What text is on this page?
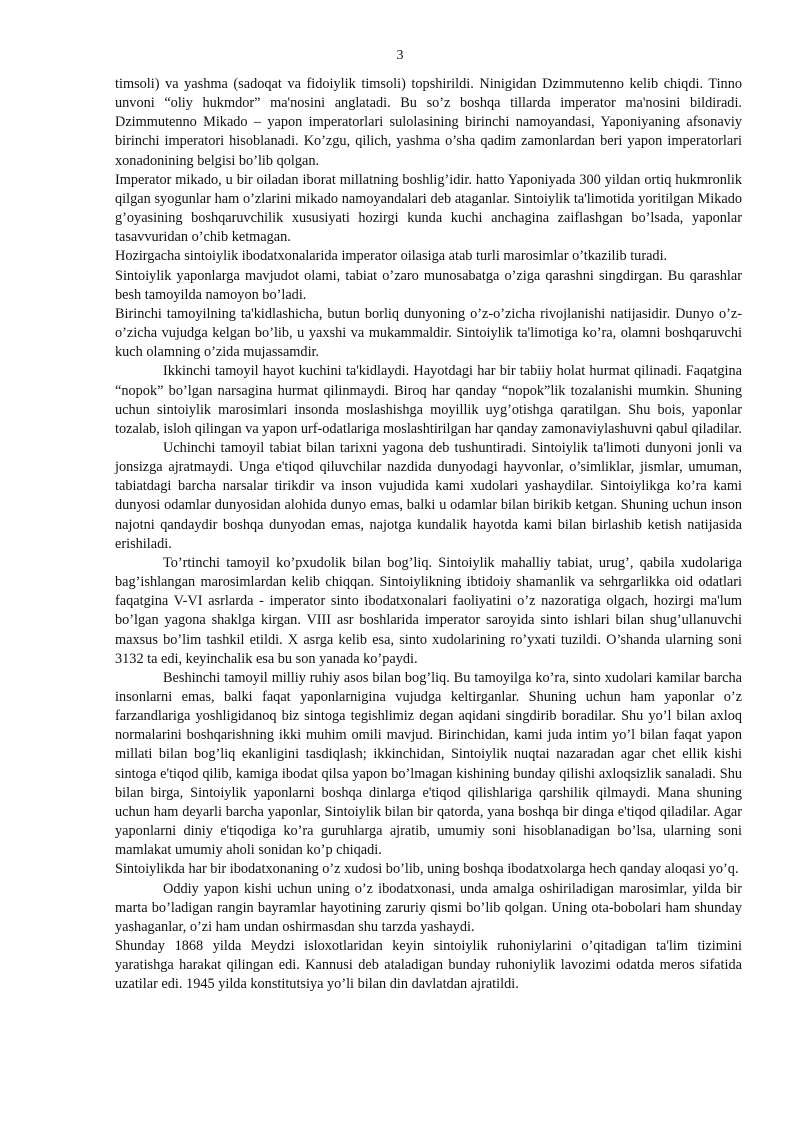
3

timsoli) va yashma (sadoqat va fidoiylik timsoli) topshirildi. Ninigidan Dzimmutenno kelib chiqdi. Tinno unvoni “oliy hukmdor” ma'nosini anglatadi. Bu so’z boshqa tillarda imperator ma'nosini bildiradi. Dzimmutenno Mikado – yapon imperatorlari sulolasining birinchi namoyandasi, Yaponiyaning afsonaviy birinchi imperatori hisoblanadi. Ko’zgu, qilich, yashma o’sha qadim zamonlardan beri yapon imperatorlari xonadonining belgisi bo’lib qolgan.

Imperator mikado, u bir oiladan iborat millatning boshlig’idir. hatto Yaponiyada 300 yildan ortiq hukmronlik qilgan syogunlar ham o’zlarini mikado namoyandalari deb ataganlar. Sintoiylik ta'limotida yoritilgan Mikado g’oyasining boshqaruvchilik xususiyati hozirgi kunda kuchi anchagina zaiflashgan bo’lsada, yaponlar tasavvuridan o’chib ketmagan.

Hozirgacha sintoiylik ibodatxonalarida imperator oilasiga atab turli marosimlar o’tkazilib turadi.

Sintoiylik yaponlarga mavjudot olami, tabiat o’zaro munosabatga o’ziga qarashni singdirgan. Bu qarashlar besh tamoyilda namoyon bo’ladi.

Birinchi tamoyilning ta'kidlashicha, butun borliq dunyoning o’z-o’zicha rivojlanishi natijasidir. Dunyo o’z-o’zicha vujudga kelgan bo’lib, u yaxshi va mukammaldir. Sintoiylik ta'limotiga ko’ra, olamni boshqaruvchi kuch olamning o’zida mujassamdir.

Ikkinchi tamoyil hayot kuchini ta'kidlaydi. Hayotdagi har bir tabiiy holat hurmat qilinadi. Faqatgina “nopok” bo’lgan narsagina hurmat qilinmaydi. Biroq har qanday “nopok”lik tozalanishi mumkin. Shuning uchun sintoiylik marosimlari insonda moslashishga moyillik uyg’otishga qaratilgan. Shu bois, yaponlar tozalab, isloh qilingan va yapon urf-odatlariga moslashtirilgan har qanday zamonaviylashuvni qabul qiladilar.

Uchinchi tamoyil tabiat bilan tarixni yagona deb tushuntiradi. Sintoiylik ta'limoti dunyoni jonli va jonsizga ajratmaydi. Unga e'tiqod qiluvchilar nazdida dunyodagi hayvonlar, o’simliklar, jismlar, umuman, tabiatdagi barcha narsalar tirikdir va inson vujudida kami xudolari yashaydilar. Sintoiylikga ko’ra kami dunyosi odamlar dunyosidan alohida dunyo emas, balki u odamlar bilan birikib ketgan. Shuning uchun inson najotni qandaydir boshqa dunyodan emas, najotga kundalik hayotda kami bilan birlashib ketish natijasida erishiladi.

To’rtinchi tamoyil ko’pxudolik bilan bog’liq. Sintoiylik mahalliy tabiat, urug’, qabila xudolariga bag’ishlangan marosimlardan kelib chiqqan. Sintoiylikning ibtidoiy shamanlik va sehrgarlikka oid odatlari faqatgina V-VI asrlarda - imperator sinto ibodatxonalari faoliyatini o’z nazoratiga olgach, hozirgi ma'lum bo’lgan yagona shaklga kirgan. VIII asr boshlarida imperator saroyida sinto ishlari bilan shug’ullanuvchi maxsus bo’lim tashkil etildi. X asrga kelib esa, sinto xudolarining ro’yxati tuzildi. O’shanda ularning soni 3132 ta edi, keyinchalik esa bu son yanada ko’paydi.

Beshinchi tamoyil milliy ruhiy asos bilan bog’liq. Bu tamoyilga ko’ra, sinto xudolari kamilar barcha insonlarni emas, balki faqat yaponlarnigina vujudga keltirganlar. Shuning uchun ham yaponlar o’z farzandlariga yoshligidanoq biz sintoga tegishlimiz degan aqidani singdirib boradilar. Shu yo’l bilan axloq normalarini boshqarishning ikki muhim omili mavjud. Birinchidan, kami juda intim yo’l bilan faqat yapon millati bilan bog’liq ekanligini tasdiqlash; ikkinchidan, Sintoiylik nuqtai nazaradan agar chet ellik kishi sintoga e'tiqod qilib, kamiga ibodat qilsa yapon bo’lmagan kishining bunday qilishi axloqsizlik sanaladi. Shu bilan birga, Sintoiylik yaponlarni boshqa dinlarga e'tiqod qilishlariga qarshilik qilmaydi. Mana shuning uchun ham deyarli barcha yaponlar, Sintoiylik bilan bir qatorda, yana boshqa bir dinga e'tiqod qiladilar. Agar yaponlarni diniy e'tiqodiga ko’ra guruhlarga ajratib, umumiy soni hisoblanadigan bo’lsa, ularning soni mamlakat umumiy aholi sonidan ko’p chiqadi.

Sintoiylikda har bir ibodatxonaning o’z xudosi bo’lib, uning boshqa ibodatxolarga hech qanday aloqasi yo’q.

Oddiy yapon kishi uchun uning o’z ibodatxonasi, unda amalga oshiriladigan marosimlar, yilda bir marta bo’ladigan rangin bayramlar hayotining zaruriy qismi bo’lib qolgan. Uning ota-bobolari ham shunday yashaganlar, o’zi ham undan oshirmasdan shu tarzda yashaydi.

Shunday 1868 yilda Meydzi isloxotlaridan keyin sintoiylik ruhoniylarini o’qitadigan ta'lim tizimini yaratishga harakat qilingan edi. Kannusi deb ataladigan bunday ruhoniylik lavozimi odatda meros sifatida uzatilar edi. 1945 yilda konstitutsiya yo’li bilan din davlatdan ajratildi.
